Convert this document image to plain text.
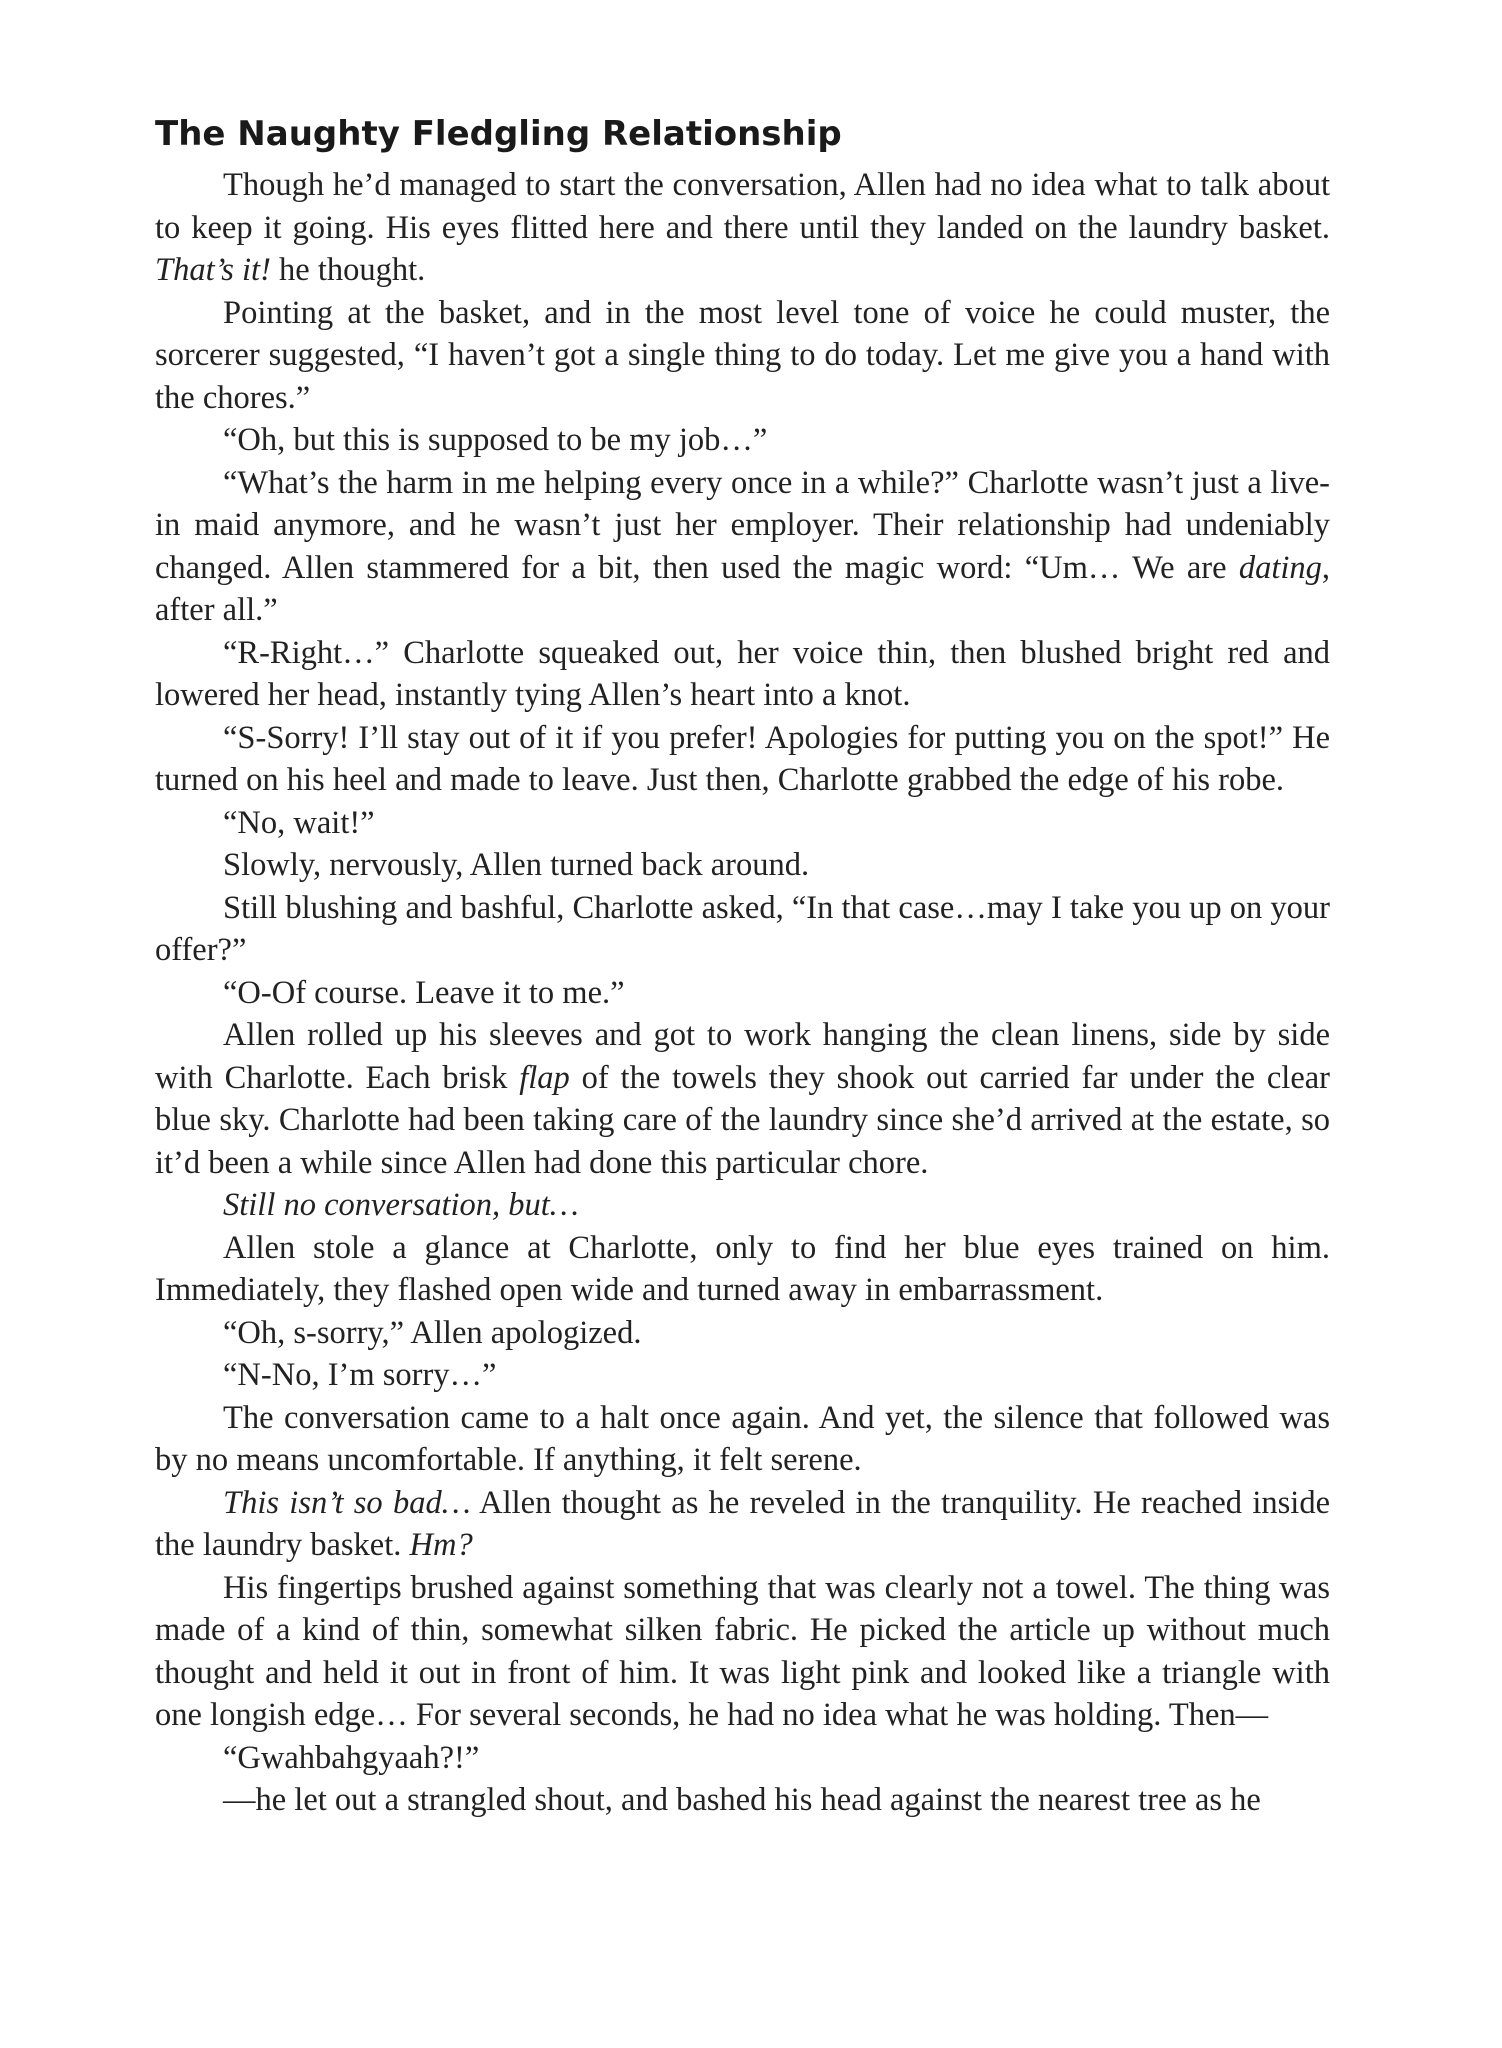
The Naughty Fledgling Relationship

Though he’d managed to start the conversation, Allen had no idea what to talk about to keep it going. His eyes flitted here and there until they landed on the laundry basket. That’s it! he thought.

Pointing at the basket, and in the most level tone of voice he could muster, the sorcerer suggested, “I haven’t got a single thing to do today. Let me give you a hand with the chores.”

“Oh, but this is supposed to be my job…”

“What’s the harm in me helping every once in a while?” Charlotte wasn’t just a live-in maid anymore, and he wasn’t just her employer. Their relationship had undeniably changed. Allen stammered for a bit, then used the magic word: “Um… We are dating, after all.”

“R-Right…” Charlotte squeaked out, her voice thin, then blushed bright red and lowered her head, instantly tying Allen’s heart into a knot.

“S-Sorry! I’ll stay out of it if you prefer! Apologies for putting you on the spot!” He turned on his heel and made to leave. Just then, Charlotte grabbed the edge of his robe.

“No, wait!”

Slowly, nervously, Allen turned back around.

Still blushing and bashful, Charlotte asked, “In that case…may I take you up on your offer?”

“O-Of course. Leave it to me.”

Allen rolled up his sleeves and got to work hanging the clean linens, side by side with Charlotte. Each brisk flap of the towels they shook out carried far under the clear blue sky. Charlotte had been taking care of the laundry since she’d arrived at the estate, so it’d been a while since Allen had done this particular chore.

Still no conversation, but…

Allen stole a glance at Charlotte, only to find her blue eyes trained on him. Immediately, they flashed open wide and turned away in embarrassment.

“Oh, s-sorry,” Allen apologized.

“N-No, I’m sorry…”

The conversation came to a halt once again. And yet, the silence that followed was by no means uncomfortable. If anything, it felt serene.

This isn’t so bad… Allen thought as he reveled in the tranquility. He reached inside the laundry basket. Hm?

His fingertips brushed against something that was clearly not a towel. The thing was made of a kind of thin, somewhat silken fabric. He picked the article up without much thought and held it out in front of him. It was light pink and looked like a triangle with one longish edge… For several seconds, he had no idea what he was holding. Then—

“Gwahbahgyaah?!”

—he let out a strangled shout, and bashed his head against the nearest tree as he
